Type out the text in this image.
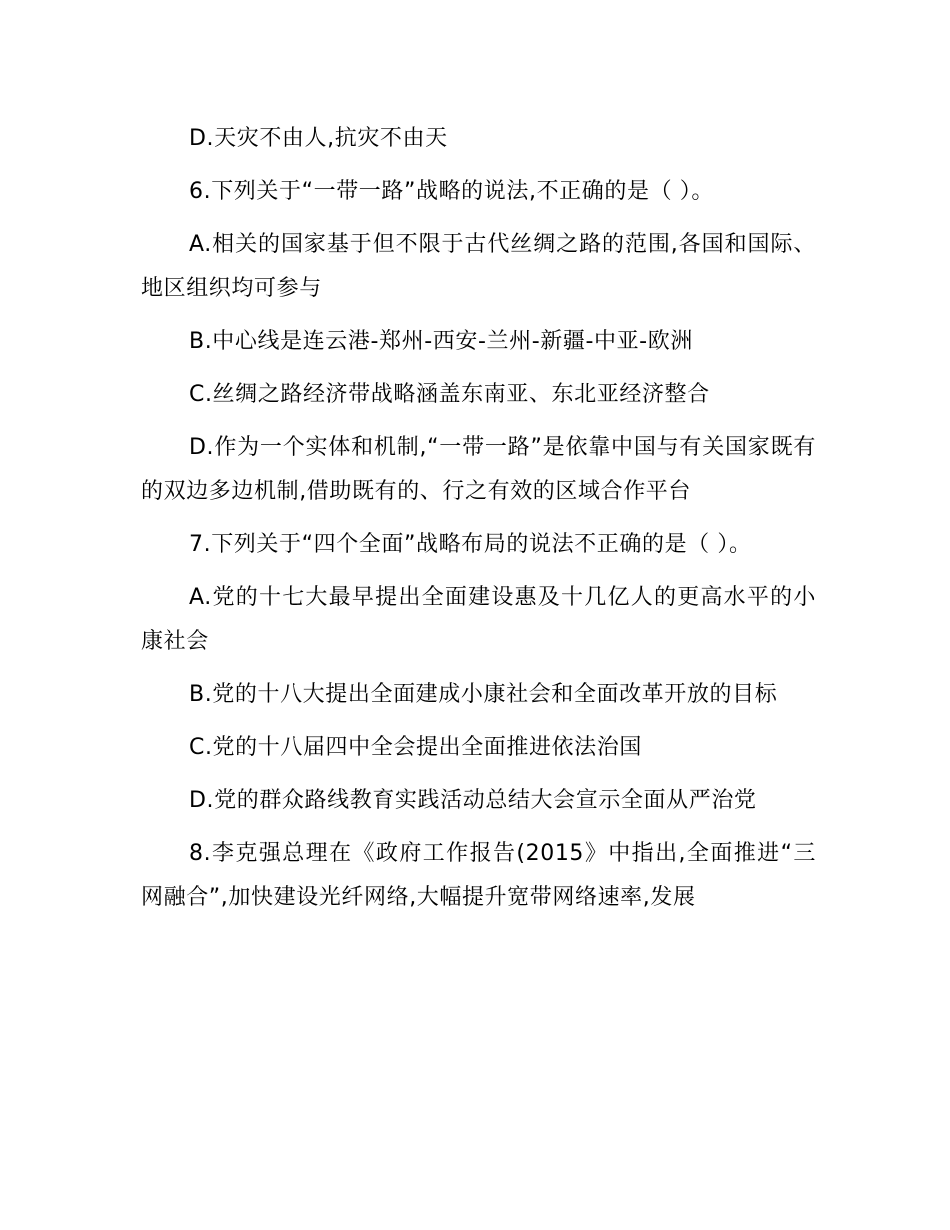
D.天灾不由人,抗灾不由天

6.下列关于“一带一路”战略的说法,不正确的是（ ）。

A.相关的国家基于但不限于古代丝绸之路的范围,各国和国际、地区组织均可参与

B.中心线是连云港-郑州-西安-兰州-新疆-中亚-欧洲

C.丝绸之路经济带战略涵盖东南亚、东北亚经济整合

D.作为一个实体和机制,“一带一路”是依靠中国与有关国家既有的双边多边机制,借助既有的、行之有效的区域合作平台

7.下列关于“四个全面”战略布局的说法不正确的是（ ）。

A.党的十七大最早提出全面建设惠及十几亿人的更高水平的小康社会

B.党的十八大提出全面建成小康社会和全面改革开放的目标

C.党的十八届四中全会提出全面推进依法治国

D.党的群众路线教育实践活动总结大会宣示全面从严治党

8.李克强总理在《政府工作报告(2015》中指出,全面推进“三网融合”,加快建设光纤网络,大幅提升宽带网络速率,发展
